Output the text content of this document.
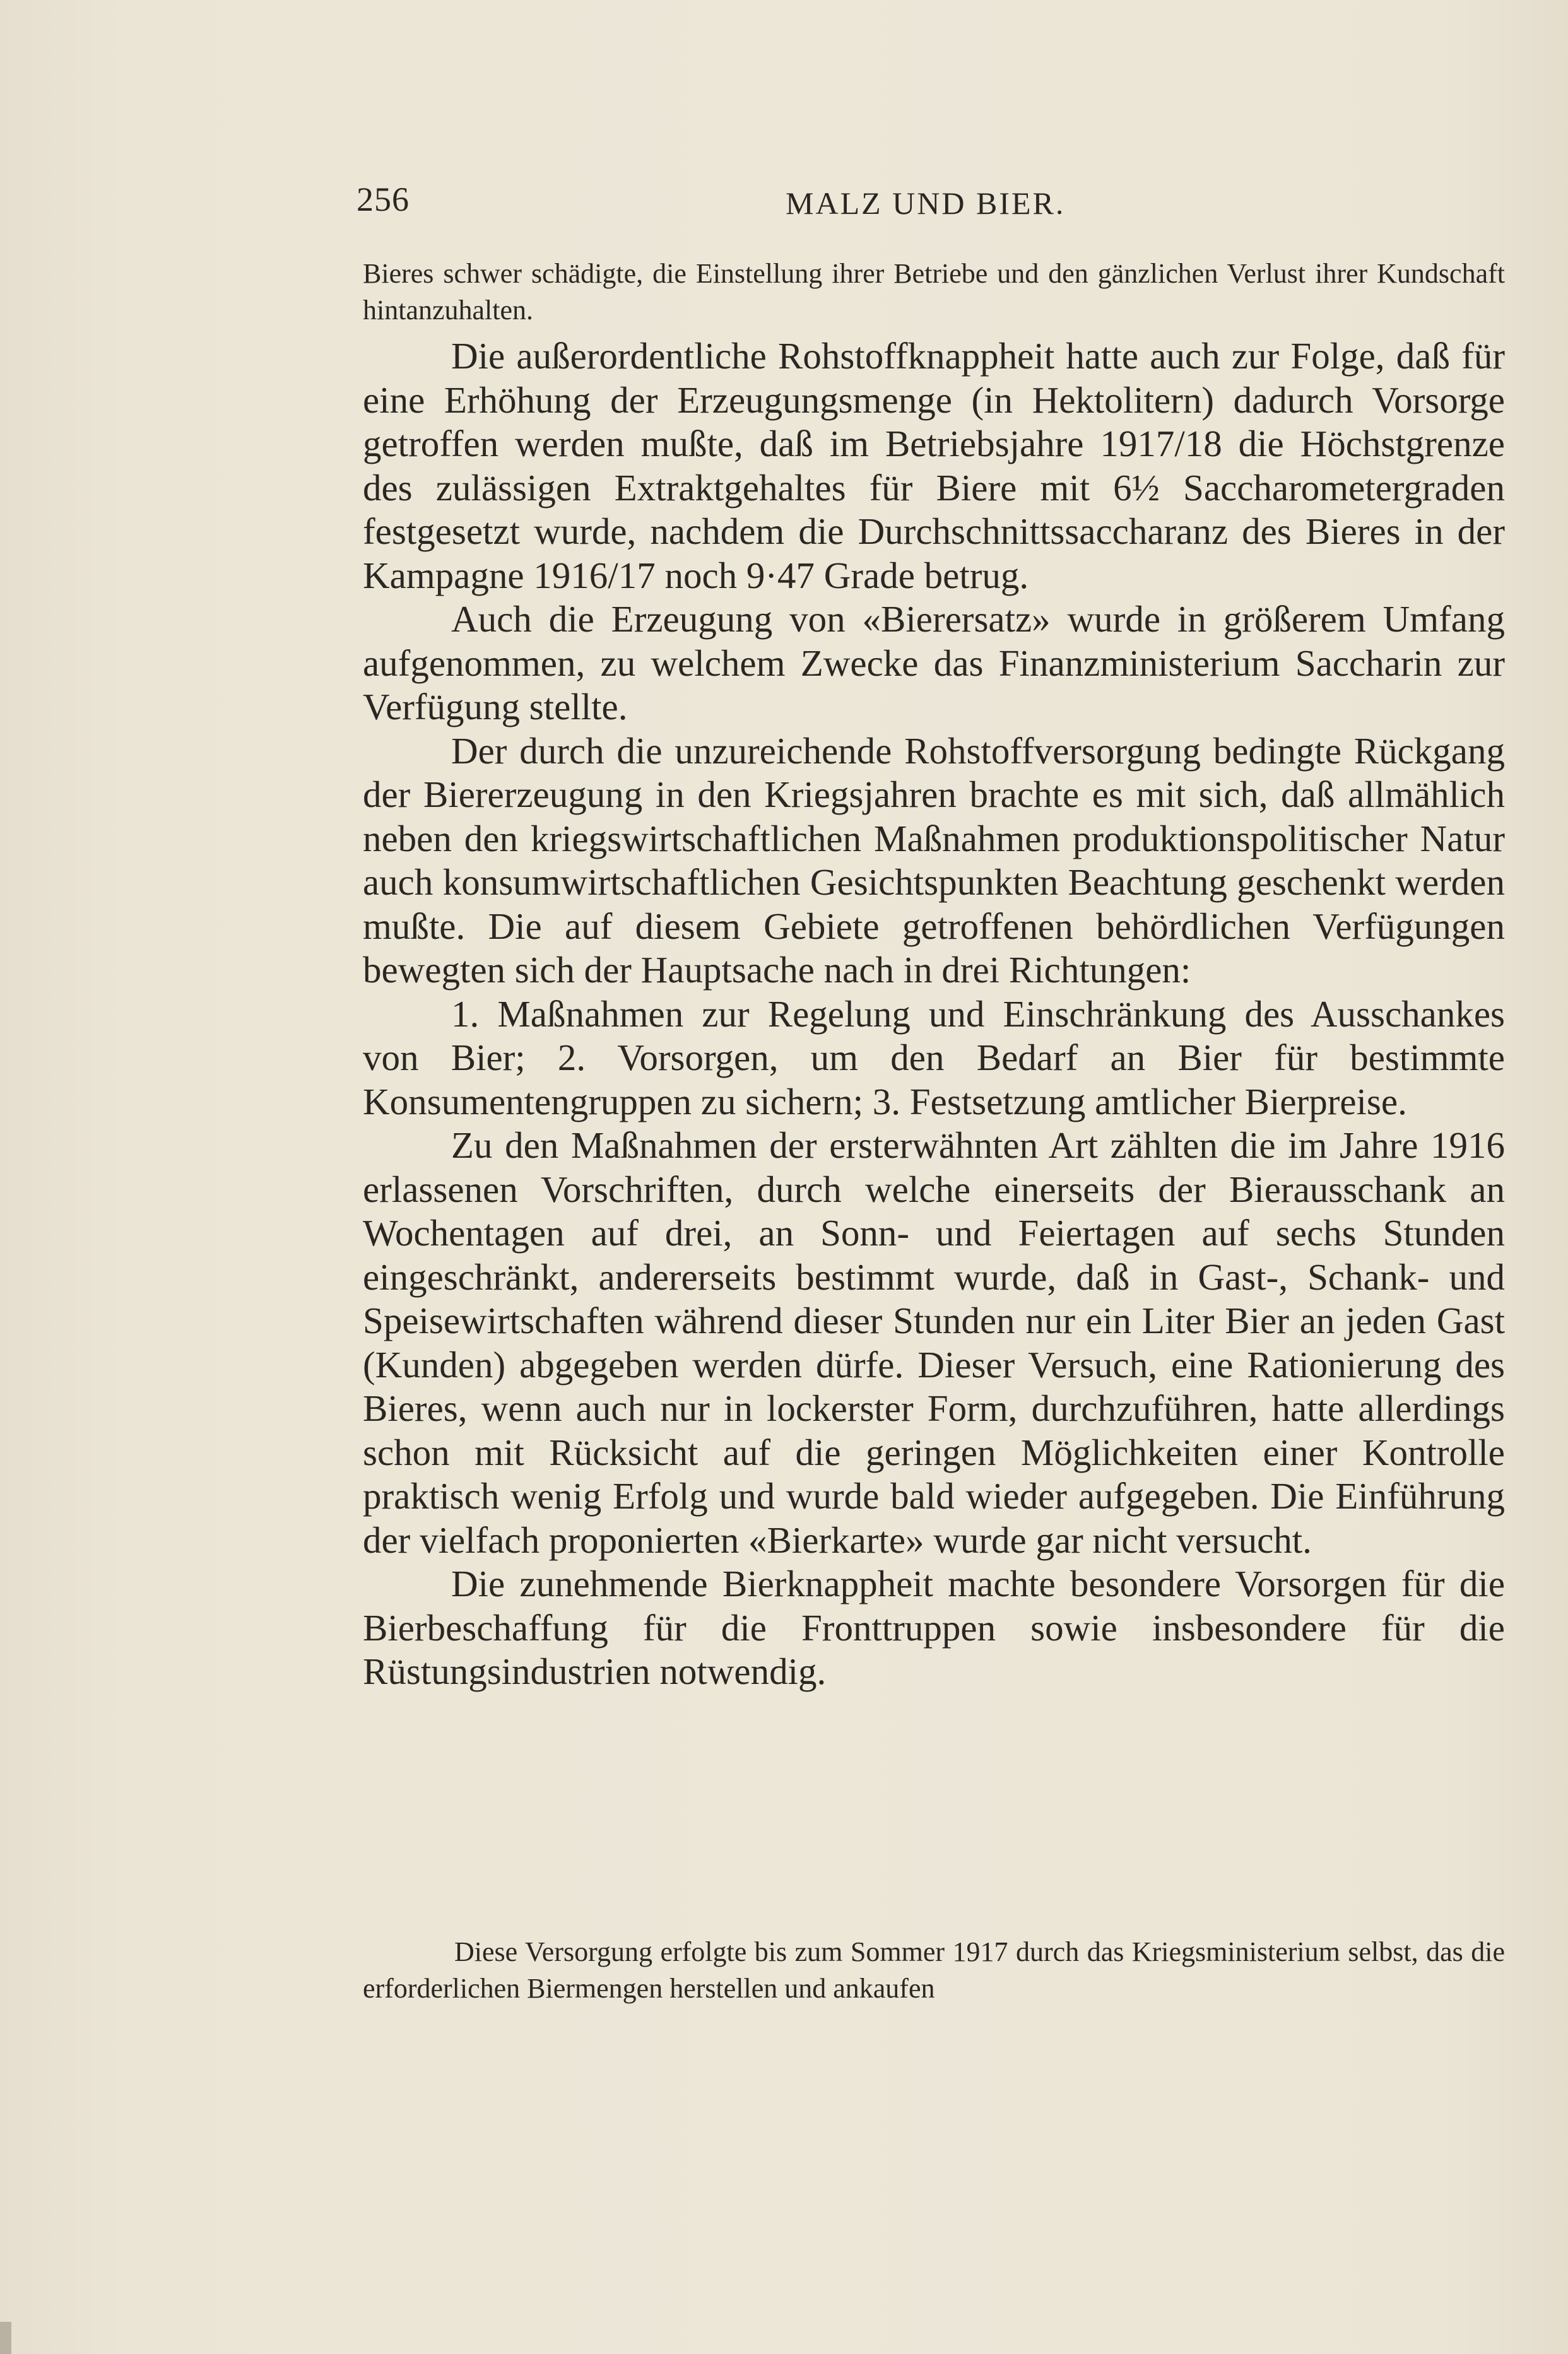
256	MALZ UND BIER.

Bieres schwer schädigte, die Einstellung ihrer Betriebe und den gänzlichen Verlust ihrer Kundschaft hintanzuhalten.

Die außerordentliche Rohstoffknappheit hatte auch zur Folge, daß für eine Erhöhung der Erzeugungsmenge (in Hektolitern) dadurch Vorsorge getroffen werden mußte, daß im Betriebsjahre 1917/18 die Höchstgrenze des zulässigen Extraktgehaltes für Biere mit 6½ Saccharometergraden festgesetzt wurde, nachdem die Durchschnittssaccharanz des Bieres in der Kampagne 1916/17 noch 9·47 Grade betrug.

Auch die Erzeugung von «Bierersatz» wurde in größerem Umfang aufgenommen, zu welchem Zwecke das Finanzministerium Saccharin zur Verfügung stellte.

Der durch die unzureichende Rohstoffversorgung bedingte Rückgang der Biererzeugung in den Kriegsjahren brachte es mit sich, daß allmählich neben den kriegswirtschaftlichen Maßnahmen produktionspolitischer Natur auch konsumwirtschaftlichen Gesichtspunkten Beachtung geschenkt werden mußte. Die auf diesem Gebiete getroffenen behördlichen Verfügungen bewegten sich der Hauptsache nach in drei Richtungen:

1. Maßnahmen zur Regelung und Einschränkung des Ausschankes von Bier; 2. Vorsorgen, um den Bedarf an Bier für bestimmte Konsumentengruppen zu sichern; 3. Festsetzung amtlicher Bierpreise.

Zu den Maßnahmen der ersterwähnten Art zählten die im Jahre 1916 erlassenen Vorschriften, durch welche einerseits der Bierausschank an Wochentagen auf drei, an Sonn- und Feiertagen auf sechs Stunden eingeschränkt, andererseits bestimmt wurde, daß in Gast-, Schank- und Speisewirtschaften während dieser Stunden nur ein Liter Bier an jeden Gast (Kunden) abgegeben werden dürfe. Dieser Versuch, eine Rationierung des Bieres, wenn auch nur in lockerster Form, durchzuführen, hatte allerdings schon mit Rücksicht auf die geringen Möglichkeiten einer Kontrolle praktisch wenig Erfolg und wurde bald wieder aufgegeben. Die Einführung der vielfach proponierten «Bierkarte» wurde gar nicht versucht.

Die zunehmende Bierknappheit machte besondere Vorsorgen für die Bierbeschaffung für die Fronttruppen sowie insbesondere für die Rüstungsindustrien notwendig.

Diese Versorgung erfolgte bis zum Sommer 1917 durch das Kriegsministerium selbst, das die erforderlichen Biermengen herstellen und ankaufen
